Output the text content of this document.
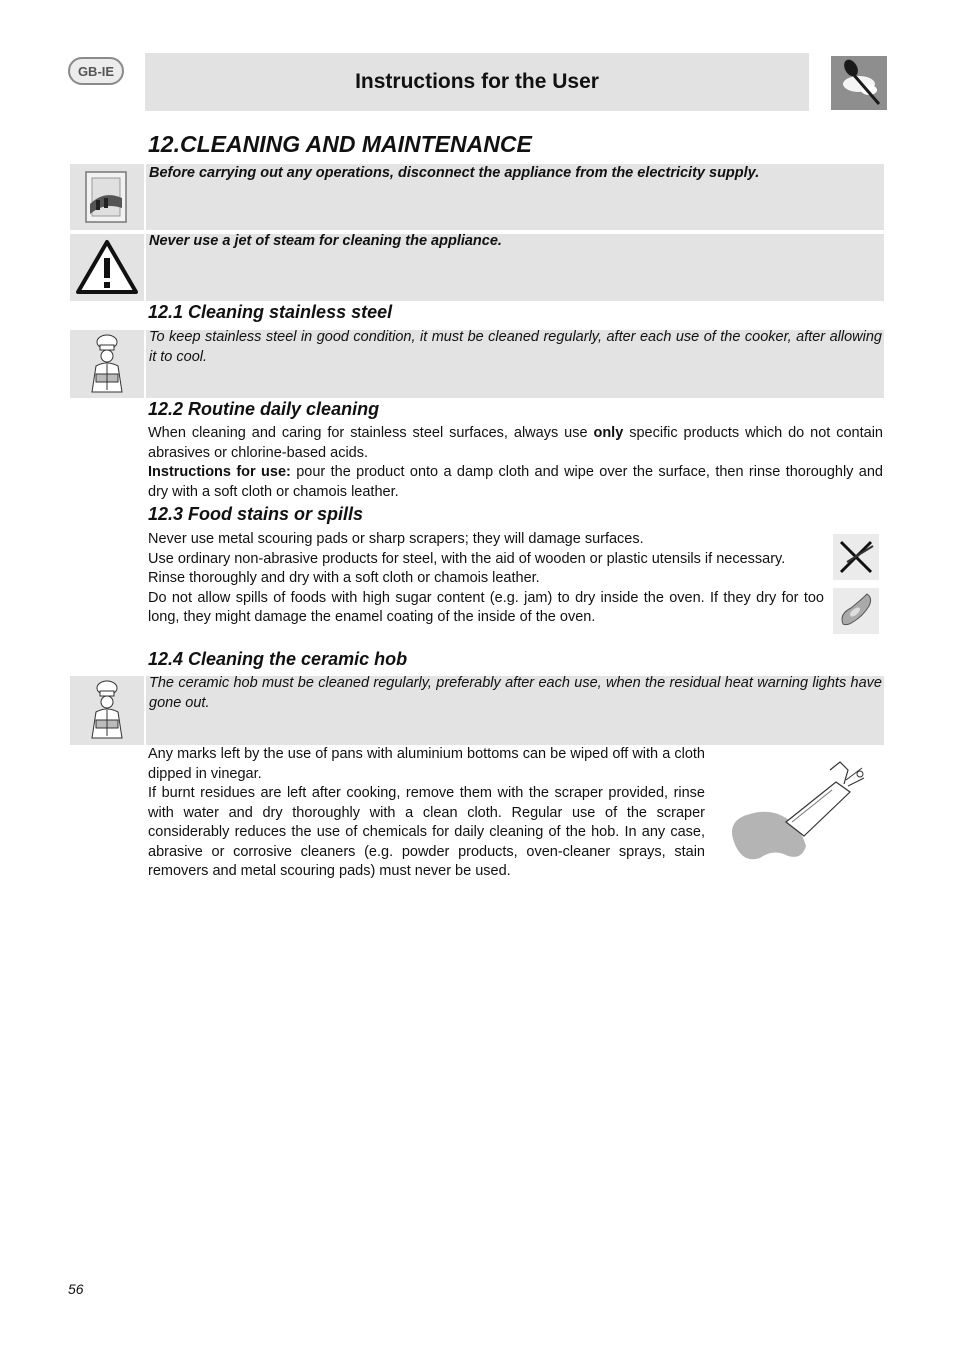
GB-IE	Instructions for the User
12.CLEANING AND MAINTENANCE
Before carrying out any operations, disconnect the appliance from the electricity supply.
Never use a jet of steam for cleaning the appliance.
12.1 Cleaning stainless steel
To keep stainless steel in good condition, it must be cleaned regularly, after each use of the cooker, after allowing it to cool.
12.2 Routine daily cleaning

When cleaning and caring for stainless steel surfaces, always use only specific products which do not contain abrasives or chlorine-based acids.

Instructions for use: pour the product onto a damp cloth and wipe over the surface, then rinse thoroughly and dry with a soft cloth or chamois leather.

12.3 Food stains or spills

Never use metal scouring pads or sharp scrapers; they will damage surfaces.

Use ordinary non-abrasive products for steel, with the aid of wooden or plastic utensils if necessary.

Rinse thoroughly and dry with a soft cloth or chamois leather.

Do not allow spills of foods with high sugar content (e.g. jam) to dry inside the oven. If they dry for too long, they might damage the enamel coating of the inside of the oven.

12.4 Cleaning the ceramic hob
The ceramic hob must be cleaned regularly, preferably after each use, when the residual heat warning lights have gone out.

Any marks left by the use of pans with aluminium bottoms can be wiped off with a cloth dipped in vinegar.

If burnt residues are left after cooking, remove them with the scraper provided, rinse with water and dry thoroughly with a clean cloth. Regular use of the scraper considerably reduces the use of chemicals for daily cleaning of the hob. In any case, abrasive or corrosive cleaners (e.g. powder products, oven-cleaner sprays, stain removers and metal scouring pads) must never be used.

56
